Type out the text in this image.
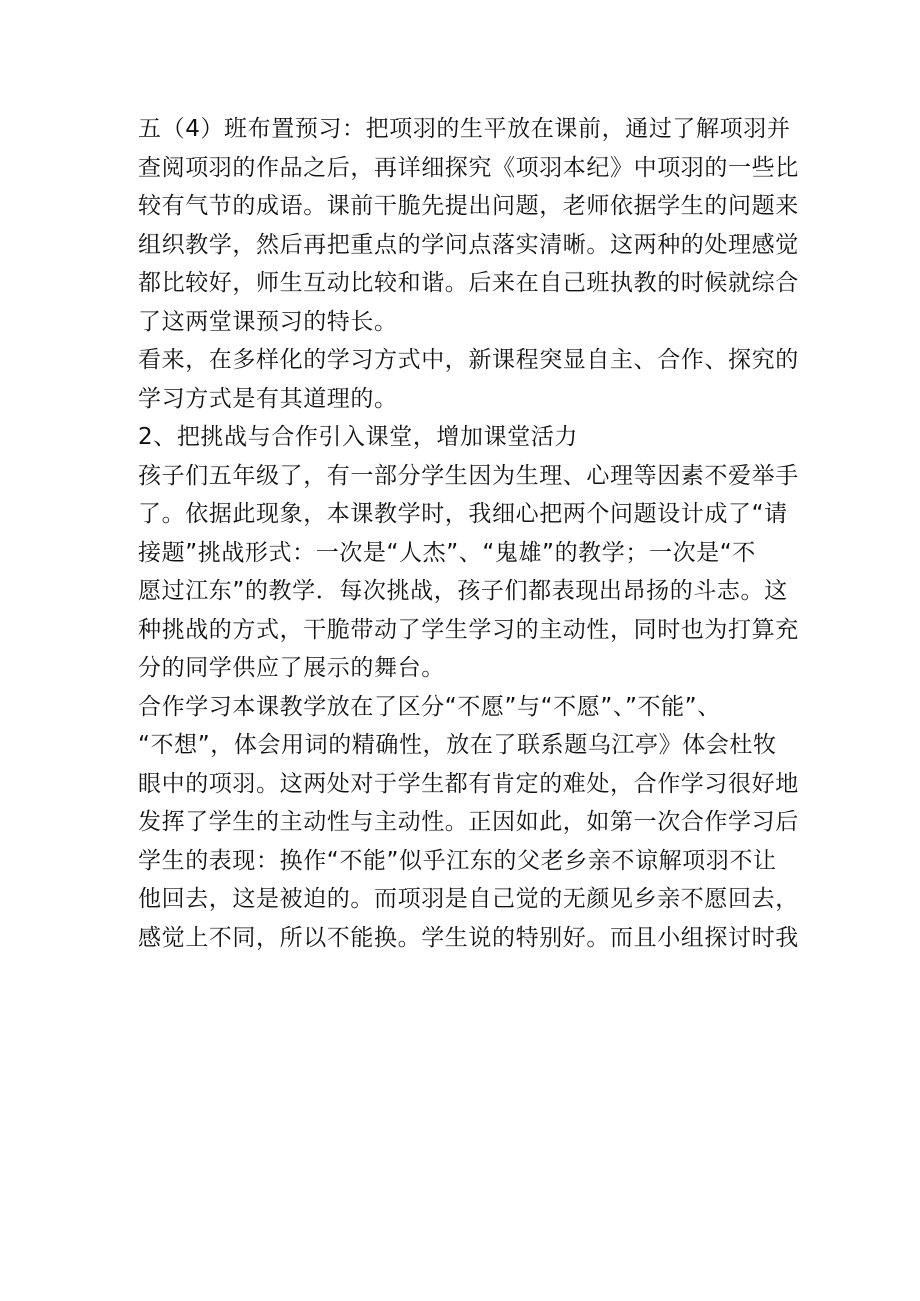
五（4）班布置预习：把项羽的生平放在课前，通过了解项羽并
查阅项羽的作品之后，再详细探究《项羽本纪》中项羽的一些比
较有气节的成语。课前干脆先提出问题，老师依据学生的问题来
组织教学，然后再把重点的学问点落实清晰。这两种的处理感觉
都比较好，师生互动比较和谐。后来在自己班执教的时候就综合
了这两堂课预习的特长。
看来，在多样化的学习方式中，新课程突显自主、合作、探究的
学习方式是有其道理的。
2、把挑战与合作引入课堂，增加课堂活力
孩子们五年级了，有一部分学生因为生理、心理等因素不爱举手
了。依据此现象，本课教学时，我细心把两个问题设计成了“请
接题”挑战形式：一次是“人杰”、“鬼雄”的教学；一次是“不
愿过江东”的教学．每次挑战，孩子们都表现出昂扬的斗志。这
种挑战的方式，干脆带动了学生学习的主动性，同时也为打算充
分的同学供应了展示的舞台。
合作学习本课教学放在了区分“不愿”与“不愿”、”不能”、
“不想”，体会用词的精确性，放在了联系题乌江亭》体会杜牧
眼中的项羽。这两处对于学生都有肯定的难处，合作学习很好地
发挥了学生的主动性与主动性。正因如此，如第一次合作学习后
学生的表现：换作“不能”似乎江东的父老乡亲不谅解项羽不让
他回去，这是被迫的。而项羽是自己觉的无颜见乡亲不愿回去，
感觉上不同，所以不能换。学生说的特别好。而且小组探讨时我
